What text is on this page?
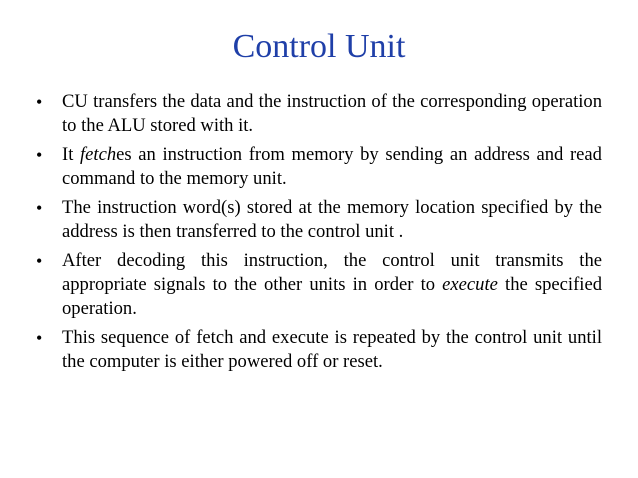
Control Unit
•	CU transfers the data and the instruction of the corresponding operation to the ALU stored with it.
•	It fetches an instruction from memory by sending an address and read command to the memory unit.
•	The instruction word(s) stored at the memory location specified by the address is then transferred to the control unit .
•	After decoding this instruction, the control unit transmits the appropriate signals to the other units in order to execute the specified operation.
•	This sequence of fetch and execute is repeated by the control unit until the computer is either powered off or reset.
